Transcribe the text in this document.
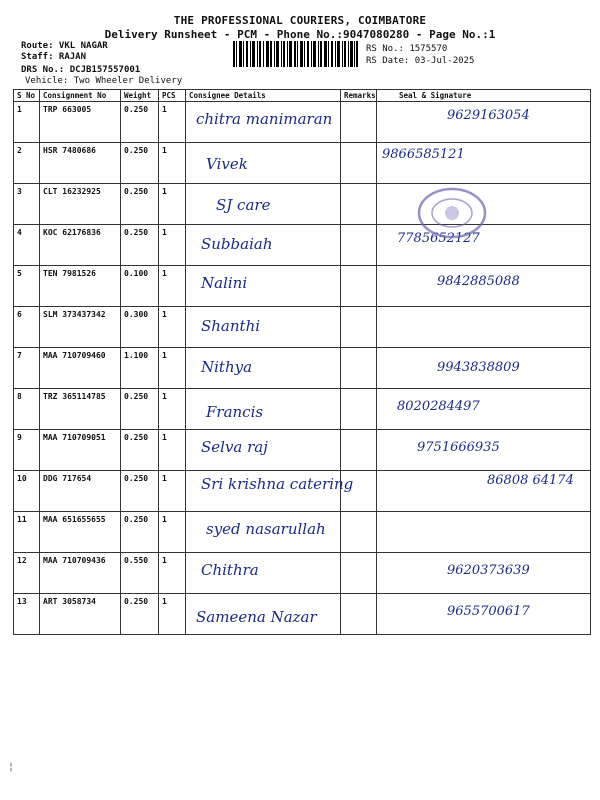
THE PROFESSIONAL COURIERS, COIMBATORE
Delivery Runsheet - PCM - Phone No.:9047080280 - Page No.:1
Route: VKL NAGAR
Staff: RAJAN
DRS No.: DCJB157557001
Vehicle: Two Wheeler Delivery
RS No.: 1575570
RS Date: 03-Jul-2025
S No	Consignment No	Weight	PCS	Consignee Details	Remarks	Seal & Signature
1	TRP 663005	0.250	1	chitra manimaran		9629163054

2	HSR 7480686	0.250	1	Vivek		9866585121

3	CLT 16232925	0.250	1	SJ care		

4	KOC 62176836	0.250	1	Subbaiah		7785652127

5	TEN 7981526	0.100	1	Nalini		9842885088

6	SLM 373437342	0.300	1	Shanthi		

7	MAA 710709460	1.100	1	Nithya		9943838809

8	TRZ 365114785	0.250	1	Francis		8020284497

9	MAA 710709051	0.250	1	Selva raj		9751666935

10	DDG 717654	0.250	1	Sri krishna catering		86808 64174

11	MAA 651655655	0.250	1	syed nasarullah		

12	MAA 710709436	0.550	1	Chithra		9620373639

13	ART 3058734	0.250	1	Sameena Nazar		9655700617
¦
